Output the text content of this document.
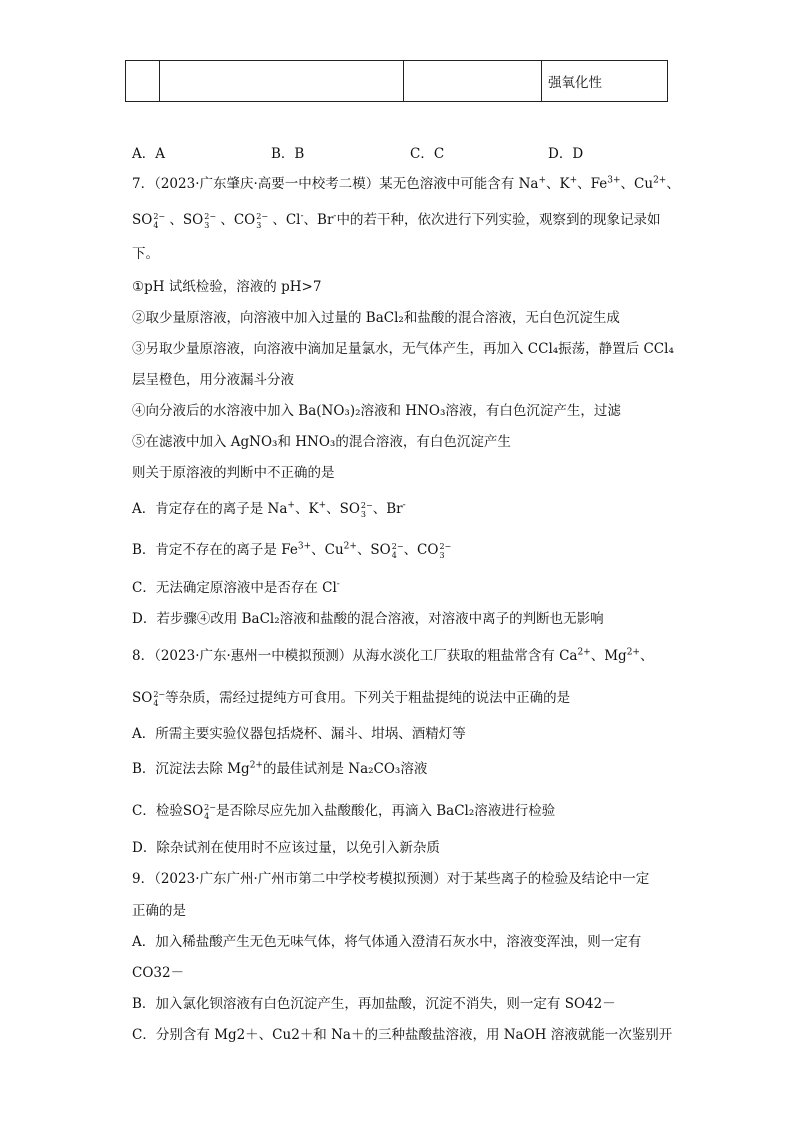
			强氧化性
A．A	B．B	C．C	D．D
7．（2023·广东肇庆·高要一中校考二模）某无色溶液中可能含有 Na+、K+、$Fe^{3+}$、$Cu^{2+}$、
SO 2−
4 、SO 2−
3 、CO 2−
3 、Cl-、Br-中的若干种，依次进行下列实验，观察到的现象记录如
下。
①pH 试纸检验，溶液的 pH>7
②取少量原溶液，向溶液中加入过量的 BaCl₂和盐酸的混合溶液，无白色沉淀生成
③另取少量原溶液，向溶液中滴加足量氯水，无气体产生，再加入 CCl₄振荡，静置后 CCl₄
层呈橙色，用分液漏斗分液
④向分液后的水溶液中加入 Ba(NO₃)₂溶液和 HNO₃溶液，有白色沉淀产生，过滤
⑤在滤液中加入 AgNO₃和 HNO₃的混合溶液，有白色沉淀产生
则关于原溶液的判断中不正确的是
A．肯定存在的离子是 Na+、K+、SO 2−
3 、Br-
B．肯定不存在的离子是 $Fe^{3+}$、$Cu^{2+}$、SO 2−
4 、CO 2−
3
C．无法确定原溶液中是否存在 Cl-
D．若步骤④改用 BaCl₂溶液和盐酸的混合溶液，对溶液中离子的判断也无影响
8．（2023·广东·惠州一中模拟预测）从海水淡化工厂获取的粗盐常含有 $Ca^{2+}$、$Mg^{2+}$、
SO 2−
4 等杂质，需经过提纯方可食用。下列关于粗盐提纯的说法中正确的是
A．所需主要实验仪器包括烧杯、漏斗、坩埚、酒精灯等
B．沉淀法去除 $Mg^{2+}$的最佳试剂是 Na₂CO₃溶液
C．检验SO 2−
4 是否除尽应先加入盐酸酸化，再滴入 BaCl₂溶液进行检验
D．除杂试剂在使用时不应该过量，以免引入新杂质
9．（2023·广东广州·广州市第二中学校考模拟预测）对于某些离子的检验及结论中一定
正确的是
A．加入稀盐酸产生无色无味气体，将气体通入澄清石灰水中，溶液变浑浊，则一定有
CO32－
B．加入氯化钡溶液有白色沉淀产生，再加盐酸，沉淀不消失，则一定有 SO42－
C．分别含有 Mg2＋、Cu2＋和 Na＋的三种盐酸盐溶液，用 NaOH 溶液就能一次鉴别开
